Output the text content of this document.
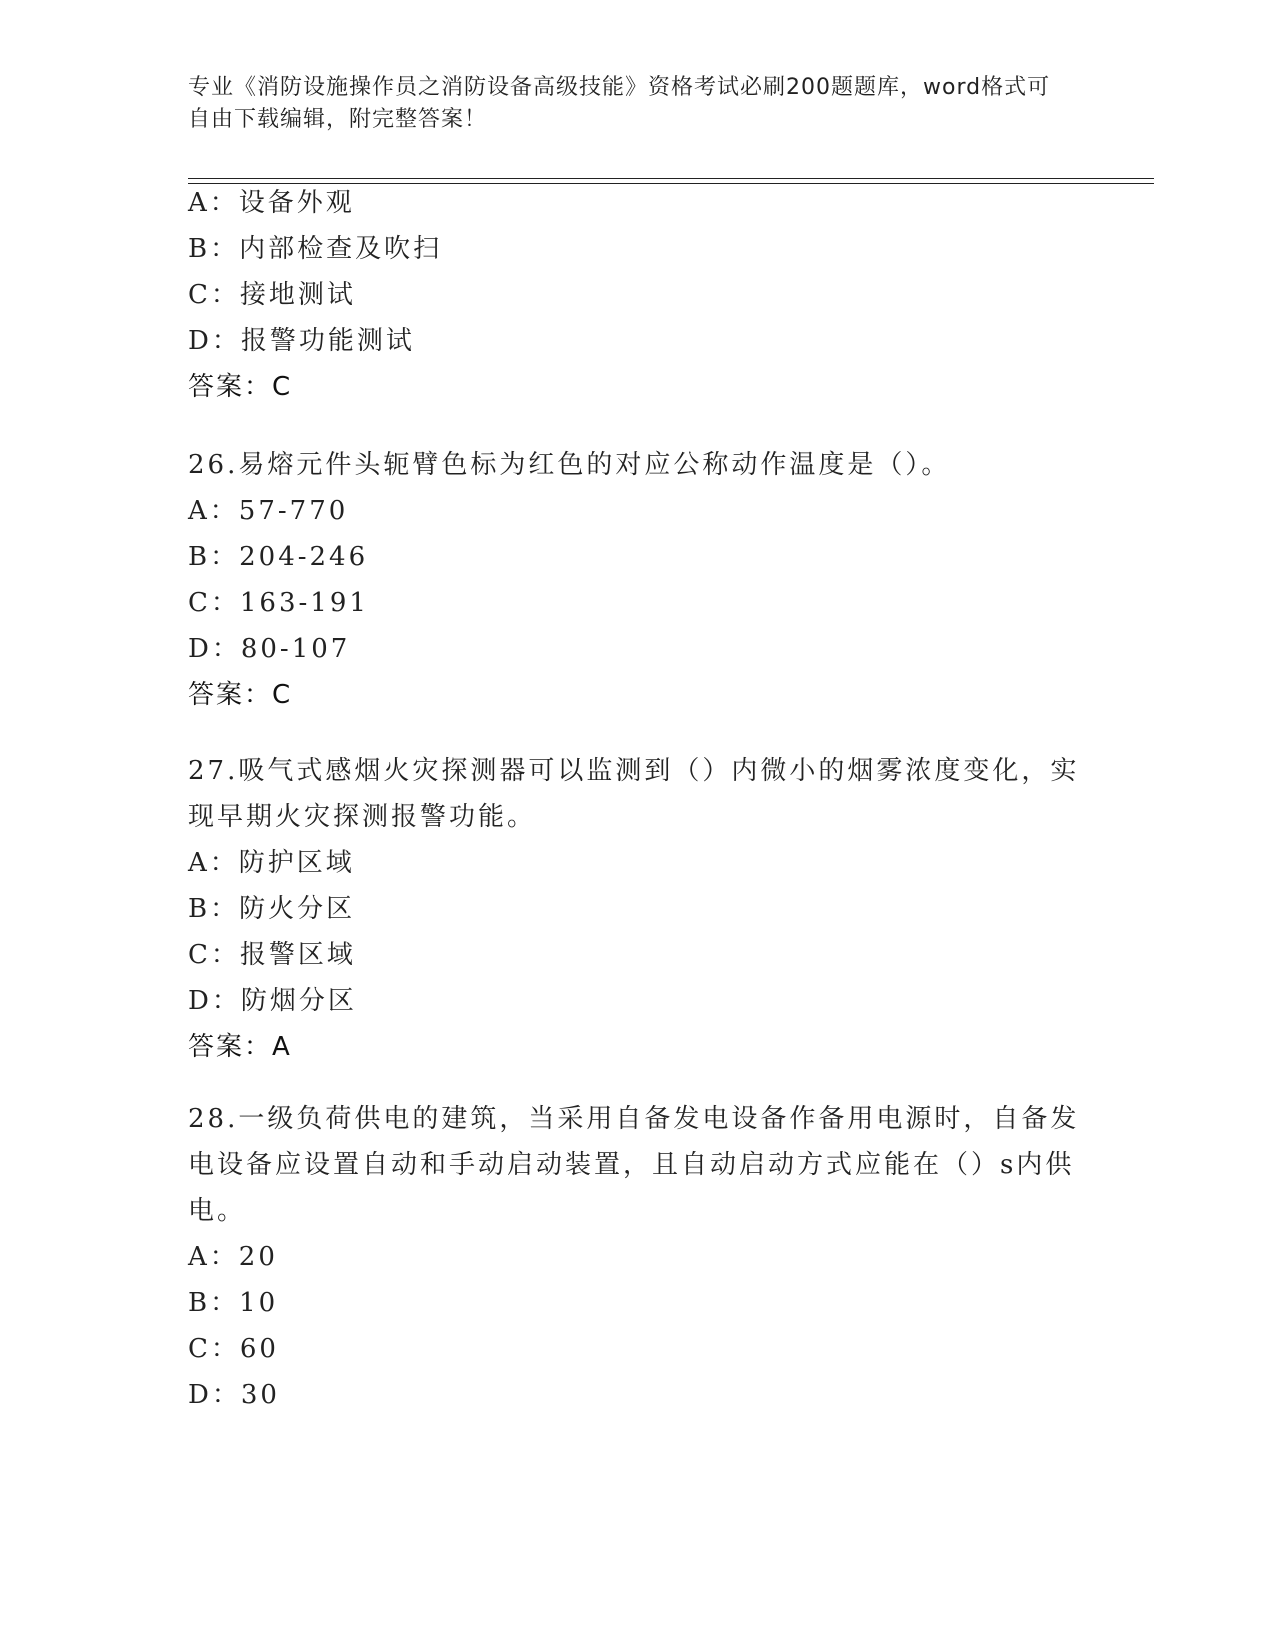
专业《消防设施操作员之消防设备高级技能》资格考试必刷200题题库，word格式可自由下载编辑，附完整答案！
A：设备外观
B：内部检查及吹扫
C：接地测试
D：报警功能测试
答案：C
26.易熔元件头轭臂色标为红色的对应公称动作温度是（）。
A：57-770
B：204-246
C：163-191
D：80-107
答案：C
27.吸气式感烟火灾探测器可以监测到（）内微小的烟雾浓度变化，实现早期火灾探测报警功能。
A：防护区域
B：防火分区
C：报警区域
D：防烟分区
答案：A
28.一级负荷供电的建筑，当采用自备发电设备作备用电源时，自备发电设备应设置自动和手动启动装置，且自动启动方式应能在（）s内供电。
A：20
B：10
C：60
D：30
